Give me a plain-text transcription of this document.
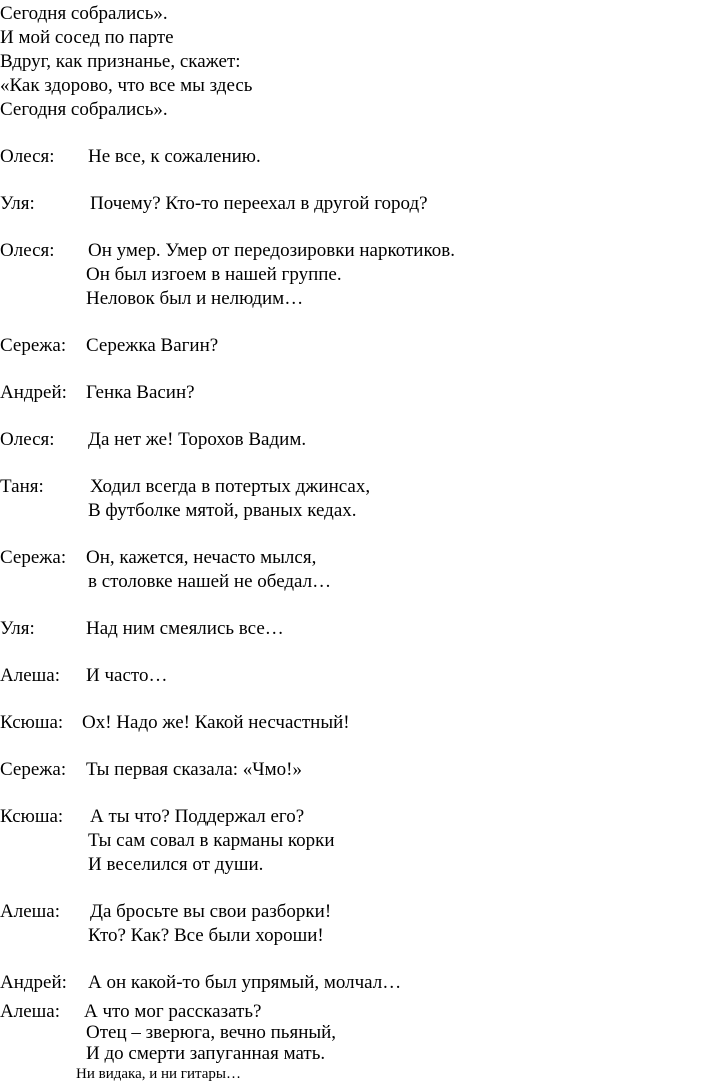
Сегодня собрались».
И мой сосед по парте
Вдруг, как признанье, скажет:
«Как здорово, что все мы здесь
Сегодня собрались».
Олеся: Не все, к сожалению.
Уля:	Почему? Кто-то переехал в другой город?
Олеся: Он умер. Умер от передозировки наркотиков.
Он был изгоем в нашей группе.
Неловок был и нелюдим…
Сережа: Сережка Вагин?
Андрей: Генка Васин?
Олеся: Да нет же! Торохов Вадим.
Таня: Ходил всегда в потертых джинсах,
В футболке мятой, рваных кедах.
Сережа: Он, кажется, нечасто мылся,
в столовке нашей не обедал…
Уля:	Над ним смеялись все…
Алеша: И часто…
Ксюша: Ох! Надо же! Какой несчастный!
Сережа: Ты первая сказала: «Чмо!»
Ксюша: А ты что? Поддержал его?
Ты сам совал в карманы корки
И веселился от души.
Алеша: Да бросьте вы свои разборки!
Кто? Как? Все были хороши!
Андрей: А он какой-то был упрямый, молчал…
Алеша: А что мог рассказать?
Отец – зверюга, вечно пьяный,
И до смерти запуганная мать.
Ни видака, и ни гитары…
